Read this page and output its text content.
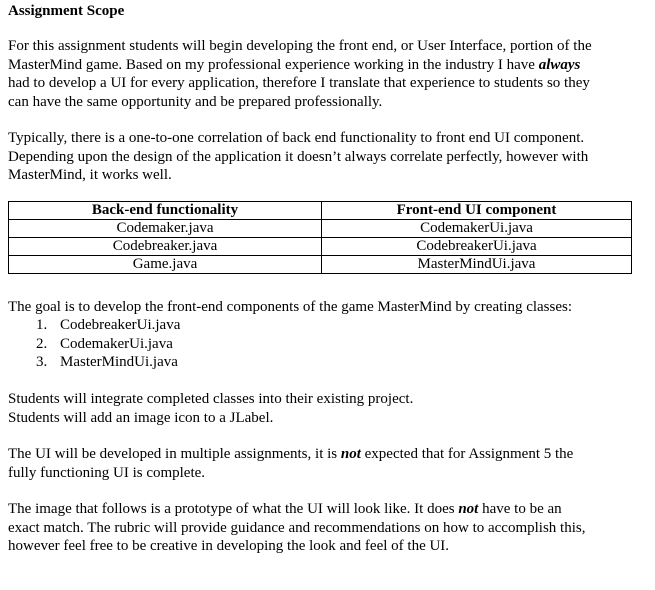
Assignment Scope
For this assignment students will begin developing the front end, or User Interface, portion of the
MasterMind game. Based on my professional experience working in the industry I have always
had to develop a UI for every application, therefore I translate that experience to students so they
can have the same opportunity and be prepared professionally.
Typically, there is a one-to-one correlation of back end functionality to front end UI component.
Depending upon the design of the application it doesn’t always correlate perfectly, however with
MasterMind, it works well.
Back-end functionality	Front-end UI component
Codemaker.java	CodemakerUi.java
Codebreaker.java	CodebreakerUi.java
Game.java	MasterMindUi.java
The goal is to develop the front-end components of the game MasterMind by creating classes:
1. CodebreakerUi.java
2. CodemakerUi.java
3. MasterMindUi.java
Students will integrate completed classes into their existing project.
Students will add an image icon to a JLabel.
The UI will be developed in multiple assignments, it is not expected that for Assignment 5 the
fully functioning UI is complete.
The image that follows is a prototype of what the UI will look like. It does not have to be an
exact match. The rubric will provide guidance and recommendations on how to accomplish this,
however feel free to be creative in developing the look and feel of the UI.
